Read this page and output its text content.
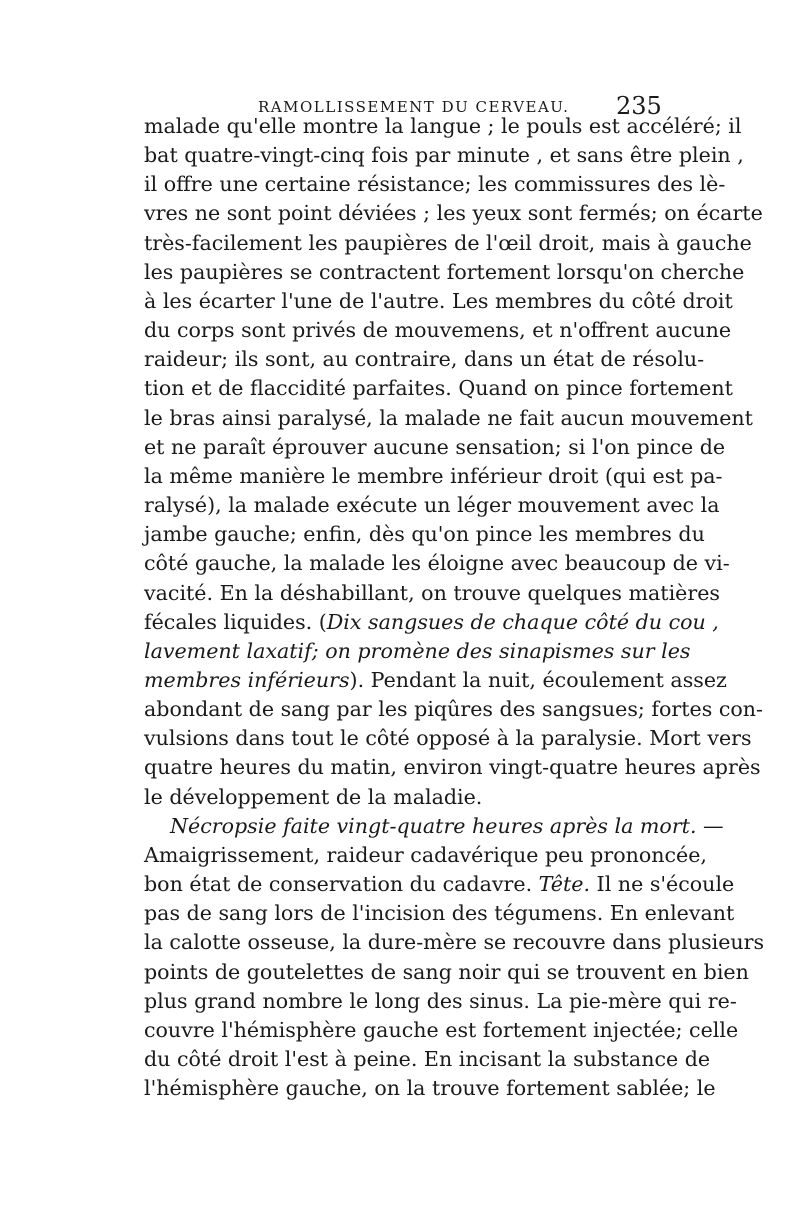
RAMOLLISSEMENT DU CERVEAU. 235
malade qu'elle montre la langue ; le pouls est accéléré; il
bat quatre-vingt-cinq fois par minute , et sans être plein ,
il offre une certaine résistance; les commissures des lè-
vres ne sont point déviées ; les yeux sont fermés; on écarte
très-facilement les paupières de l'œil droit, mais à gauche
les paupières se contractent fortement lorsqu'on cherche
à les écarter l'une de l'autre. Les membres du côté droit
du corps sont privés de mouvemens, et n'offrent aucune
raideur; ils sont, au contraire, dans un état de résolu-
tion et de flaccidité parfaites. Quand on pince fortement
le bras ainsi paralysé, la malade ne fait aucun mouvement
et ne paraît éprouver aucune sensation; si l'on pince de
la même manière le membre inférieur droit (qui est pa-
ralysé), la malade exécute un léger mouvement avec la
jambe gauche; enfin, dès qu'on pince les membres du
côté gauche, la malade les éloigne avec beaucoup de vi-
vacité. En la déshabillant, on trouve quelques matières
fécales liquides. (Dix sangsues de chaque côté du cou ,
lavement laxatif; on promène des sinapismes sur les
membres inférieurs). Pendant la nuit, écoulement assez
abondant de sang par les piqûres des sangsues; fortes con-
vulsions dans tout le côté opposé à la paralysie. Mort vers
quatre heures du matin, environ vingt-quatre heures après
le développement de la maladie.
Nécropsie faite vingt-quatre heures après la mort. —
Amaigrissement, raideur cadavérique peu prononcée,
bon état de conservation du cadavre. Tête. Il ne s'écoule
pas de sang lors de l'incision des tégumens. En enlevant
la calotte osseuse, la dure-mère se recouvre dans plusieurs
points de goutelettes de sang noir qui se trouvent en bien
plus grand nombre le long des sinus. La pie-mère qui re-
couvre l'hémisphère gauche est fortement injectée; celle
du côté droit l'est à peine. En incisant la substance de
l'hémisphère gauche, on la trouve fortement sablée; le
